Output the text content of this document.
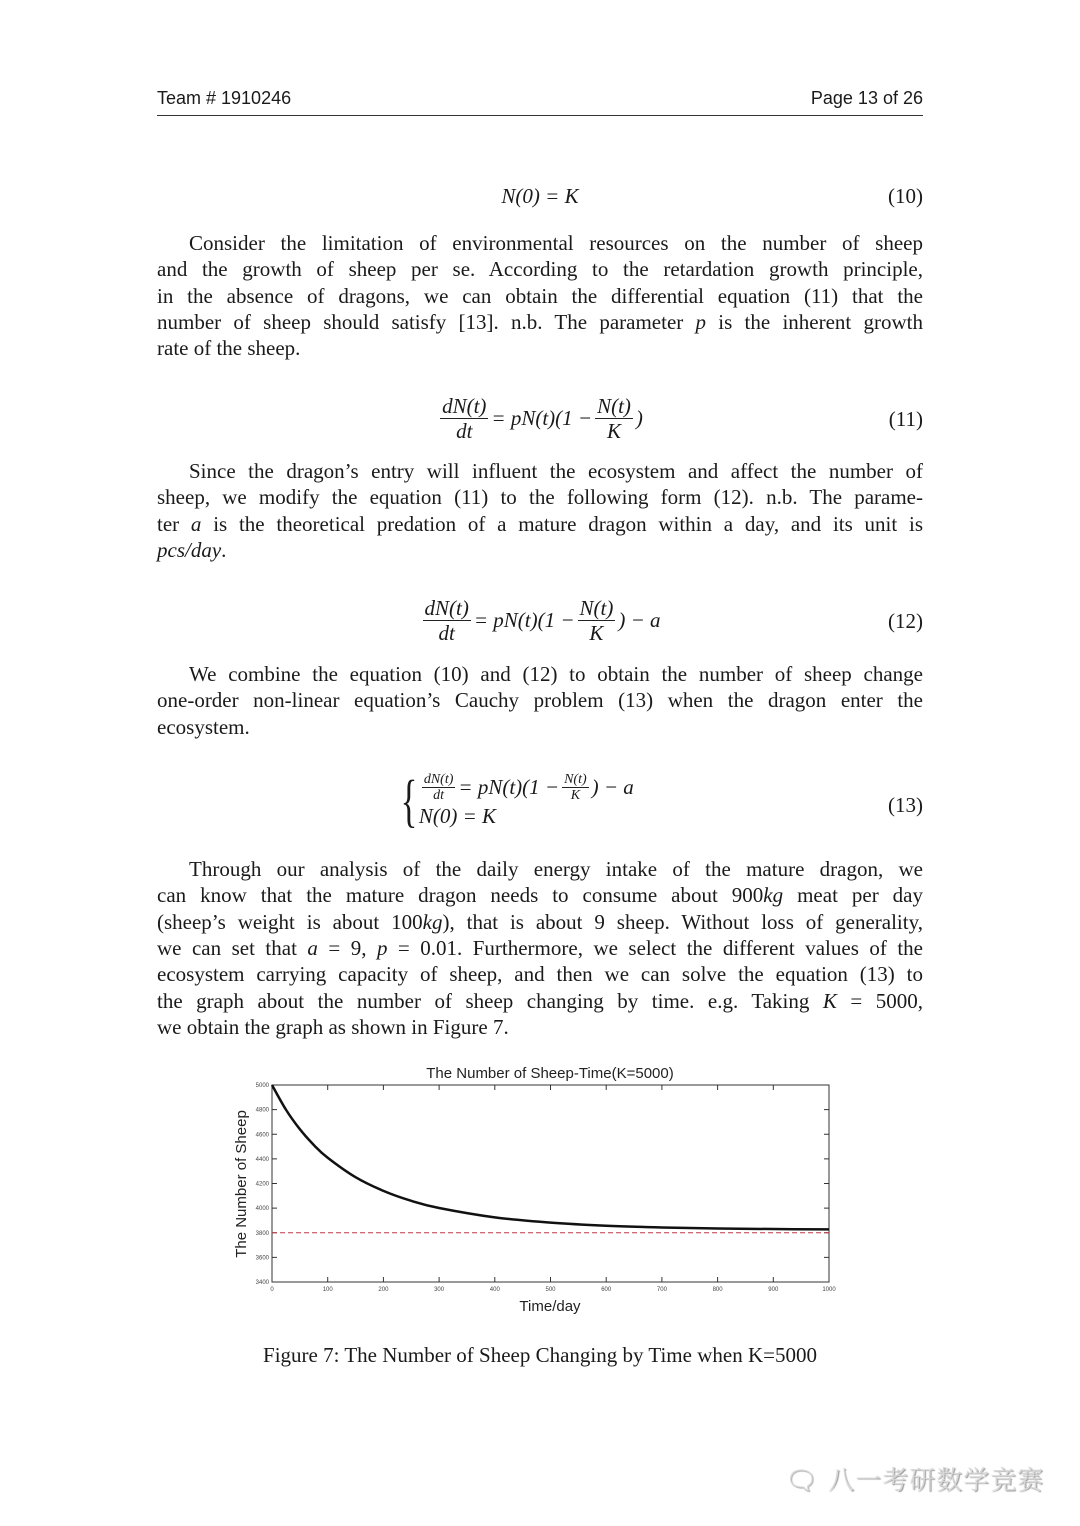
Team # 1910246	Page 13 of 26
N(0) = K	(10)
Consider the limitation of environmental resources on the number of sheep
and the growth of sheep per se. According to the retardation growth principle,
in the absence of dragons, we can obtain the differential equation (11) that the
number of sheep should satisfy [13]. n.b. The parameter p is the inherent growth
rate of the sheep.
$\frac{dN(t)}{dt} = pN(t)(1 - \frac{N(t)}{K}$ )	(11)
Since the dragon’s entry will influent the ecosystem and affect the number of
sheep, we modify the equation (11) to the following form (12). n.b. The parame-
ter a is the theoretical predation of a mature dragon within a day, and its unit is
pcs/day.
$\frac{dN(t)}{dt} = pN(t)(1 - \frac{N(t)}{K}$ ) − a	(12)
We combine the equation (10) and (12) to obtain the number of sheep change
one-order non-linear equation’s Cauchy problem (13) when the dragon enter the
ecosystem.
{ $\frac{dN(t)}{dt} = pN(t)(1 - \frac{N(t)}{K}$ ) − a
N(0) = K	(13)
Through our analysis of the daily energy intake of the mature dragon, we
can know that the mature dragon needs to consume about 900kg meat per day
(sheep’s weight is about 100kg), that is about 9 sheep. Without loss of generality,
we can set that a = 9, p = 0.01. Furthermore, we select the different values of the
ecosystem carrying capacity of sheep, and then we can solve the equation (13) to
the graph about the number of sheep changing by time. e.g. Taking K = 5000,
we obtain the graph as shown in Figure 7.
The Number of Sheep-Time(K=5000)
Time/day
The Number of Sheep
0	100	200	300	400	500	600	700	800	900	1000
3400
3600
3800
4000
4200
4400
4600
4800
5000
Figure 7: The Number of Sheep Changing by Time when K=5000
🗨 八一考研数学竞赛
